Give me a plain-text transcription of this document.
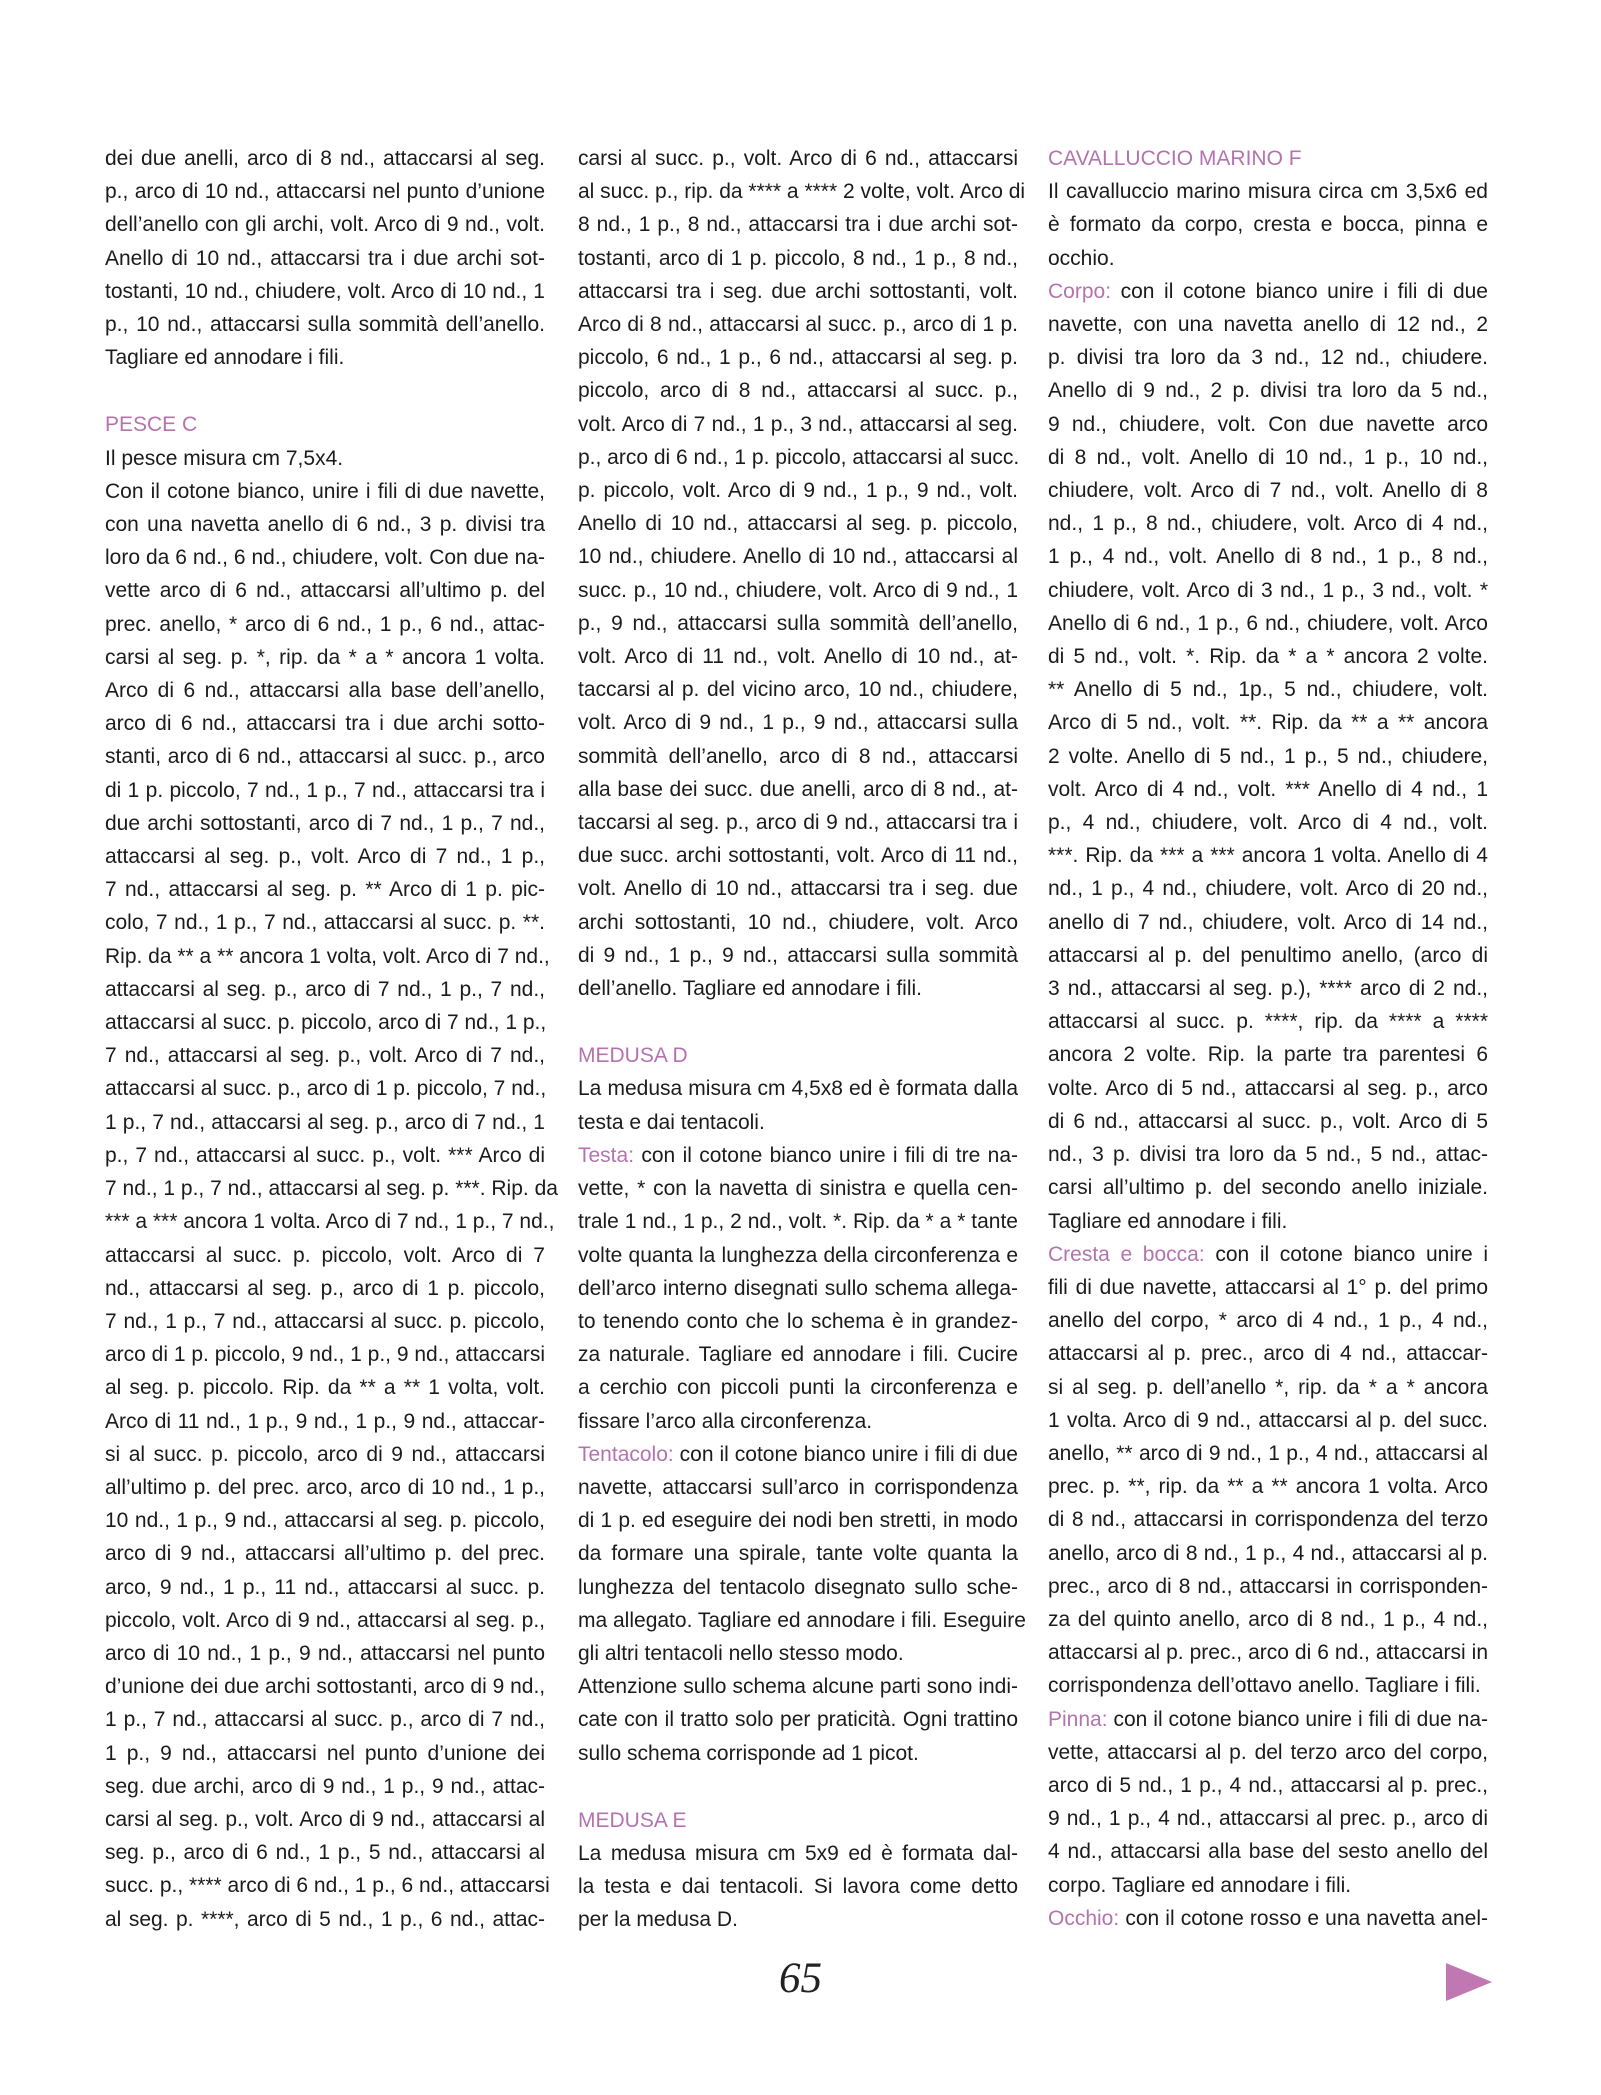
dei due anelli, arco di 8 nd., attaccarsi al seg.
p., arco di 10 nd., attaccarsi nel punto d’unione
dell’anello con gli archi, volt. Arco di 9 nd., volt.
Anello di 10 nd., attaccarsi tra i due archi sot-
tostanti, 10 nd., chiudere, volt. Arco di 10 nd., 1
p., 10 nd., attaccarsi sulla sommità dell’anello.
Tagliare ed annodare i fili.
PESCE C
Il pesce misura cm 7,5x4.
Con il cotone bianco, unire i fili di due navette,
con una navetta anello di 6 nd., 3 p. divisi tra
loro da 6 nd., 6 nd., chiudere, volt. Con due na-
vette arco di 6 nd., attaccarsi all’ultimo p. del
prec. anello, * arco di 6 nd., 1 p., 6 nd., attac-
carsi al seg. p. *, rip. da * a * ancora 1 volta.
Arco di 6 nd., attaccarsi alla base dell’anello,
arco di 6 nd., attaccarsi tra i due archi sotto-
stanti, arco di 6 nd., attaccarsi al succ. p., arco
di 1 p. piccolo, 7 nd., 1 p., 7 nd., attaccarsi tra i
due archi sottostanti, arco di 7 nd., 1 p., 7 nd.,
attaccarsi al seg. p., volt. Arco di 7 nd., 1 p.,
7 nd., attaccarsi al seg. p. ** Arco di 1 p. pic-
colo, 7 nd., 1 p., 7 nd., attaccarsi al succ. p. **.
Rip. da ** a ** ancora 1 volta, volt. Arco di 7 nd.,
attaccarsi al seg. p., arco di 7 nd., 1 p., 7 nd.,
attaccarsi al succ. p. piccolo, arco di 7 nd., 1 p.,
7 nd., attaccarsi al seg. p., volt. Arco di 7 nd.,
attaccarsi al succ. p., arco di 1 p. piccolo, 7 nd.,
1 p., 7 nd., attaccarsi al seg. p., arco di 7 nd., 1
p., 7 nd., attaccarsi al succ. p., volt. *** Arco di
7 nd., 1 p., 7 nd., attaccarsi al seg. p. ***. Rip. da
*** a *** ancora 1 volta. Arco di 7 nd., 1 p., 7 nd.,
attaccarsi al succ. p. piccolo, volt. Arco di 7
nd., attaccarsi al seg. p., arco di 1 p. piccolo,
7 nd., 1 p., 7 nd., attaccarsi al succ. p. piccolo,
arco di 1 p. piccolo, 9 nd., 1 p., 9 nd., attaccarsi
al seg. p. piccolo. Rip. da ** a ** 1 volta, volt.
Arco di 11 nd., 1 p., 9 nd., 1 p., 9 nd., attaccar-
si al succ. p. piccolo, arco di 9 nd., attaccarsi
all’ultimo p. del prec. arco, arco di 10 nd., 1 p.,
10 nd., 1 p., 9 nd., attaccarsi al seg. p. piccolo,
arco di 9 nd., attaccarsi all’ultimo p. del prec.
arco, 9 nd., 1 p., 11 nd., attaccarsi al succ. p.
piccolo, volt. Arco di 9 nd., attaccarsi al seg. p.,
arco di 10 nd., 1 p., 9 nd., attaccarsi nel punto
d’unione dei due archi sottostanti, arco di 9 nd.,
1 p., 7 nd., attaccarsi al succ. p., arco di 7 nd.,
1 p., 9 nd., attaccarsi nel punto d’unione dei
seg. due archi, arco di 9 nd., 1 p., 9 nd., attac-
carsi al seg. p., volt. Arco di 9 nd., attaccarsi al
seg. p., arco di 6 nd., 1 p., 5 nd., attaccarsi al
succ. p., **** arco di 6 nd., 1 p., 6 nd., attaccarsi
al seg. p. ****, arco di 5 nd., 1 p., 6 nd., attac-
carsi al succ. p., volt. Arco di 6 nd., attaccarsi
al succ. p., rip. da **** a **** 2 volte, volt. Arco di
8 nd., 1 p., 8 nd., attaccarsi tra i due archi sot-
tostanti, arco di 1 p. piccolo, 8 nd., 1 p., 8 nd.,
attaccarsi tra i seg. due archi sottostanti, volt.
Arco di 8 nd., attaccarsi al succ. p., arco di 1 p.
piccolo, 6 nd., 1 p., 6 nd., attaccarsi al seg. p.
piccolo, arco di 8 nd., attaccarsi al succ. p.,
volt. Arco di 7 nd., 1 p., 3 nd., attaccarsi al seg.
p., arco di 6 nd., 1 p. piccolo, attaccarsi al succ.
p. piccolo, volt. Arco di 9 nd., 1 p., 9 nd., volt.
Anello di 10 nd., attaccarsi al seg. p. piccolo,
10 nd., chiudere. Anello di 10 nd., attaccarsi al
succ. p., 10 nd., chiudere, volt. Arco di 9 nd., 1
p., 9 nd., attaccarsi sulla sommità dell’anello,
volt. Arco di 11 nd., volt. Anello di 10 nd., at-
taccarsi al p. del vicino arco, 10 nd., chiudere,
volt. Arco di 9 nd., 1 p., 9 nd., attaccarsi sulla
sommità dell’anello, arco di 8 nd., attaccarsi
alla base dei succ. due anelli, arco di 8 nd., at-
taccarsi al seg. p., arco di 9 nd., attaccarsi tra i
due succ. archi sottostanti, volt. Arco di 11 nd.,
volt. Anello di 10 nd., attaccarsi tra i seg. due
archi sottostanti, 10 nd., chiudere, volt. Arco
di 9 nd., 1 p., 9 nd., attaccarsi sulla sommità
dell’anello. Tagliare ed annodare i fili.
MEDUSA D
La medusa misura cm 4,5x8 ed è formata dalla
testa e dai tentacoli.
Testa: con il cotone bianco unire i fili di tre na-
vette, * con la navetta di sinistra e quella cen-
trale 1 nd., 1 p., 2 nd., volt. *. Rip. da * a * tante
volte quanta la lunghezza della circonferenza e
dell’arco interno disegnati sullo schema allega-
to tenendo conto che lo schema è in grandez-
za naturale. Tagliare ed annodare i fili. Cucire
a cerchio con piccoli punti la circonferenza e
fissare l’arco alla circonferenza.
Tentacolo: con il cotone bianco unire i fili di due
navette, attaccarsi sull’arco in corrispondenza
di 1 p. ed eseguire dei nodi ben stretti, in modo
da formare una spirale, tante volte quanta la
lunghezza del tentacolo disegnato sullo sche-
ma allegato. Tagliare ed annodare i fili. Eseguire
gli altri tentacoli nello stesso modo.
Attenzione sullo schema alcune parti sono indi-
cate con il tratto solo per praticità. Ogni trattino
sullo schema corrisponde ad 1 picot.
MEDUSA E
La medusa misura cm 5x9 ed è formata dal-
la testa e dai tentacoli. Si lavora come detto
per la medusa D.
CAVALLUCCIO MARINO F
Il cavalluccio marino misura circa cm 3,5x6 ed
è formato da corpo, cresta e bocca, pinna e
occhio.
Corpo: con il cotone bianco unire i fili di due
navette, con una navetta anello di 12 nd., 2
p. divisi tra loro da 3 nd., 12 nd., chiudere.
Anello di 9 nd., 2 p. divisi tra loro da 5 nd.,
9 nd., chiudere, volt. Con due navette arco
di 8 nd., volt. Anello di 10 nd., 1 p., 10 nd.,
chiudere, volt. Arco di 7 nd., volt. Anello di 8
nd., 1 p., 8 nd., chiudere, volt. Arco di 4 nd.,
1 p., 4 nd., volt. Anello di 8 nd., 1 p., 8 nd.,
chiudere, volt. Arco di 3 nd., 1 p., 3 nd., volt. *
Anello di 6 nd., 1 p., 6 nd., chiudere, volt. Arco
di 5 nd., volt. *. Rip. da * a * ancora 2 volte.
** Anello di 5 nd., 1p., 5 nd., chiudere, volt.
Arco di 5 nd., volt. **. Rip. da ** a ** ancora
2 volte. Anello di 5 nd., 1 p., 5 nd., chiudere,
volt. Arco di 4 nd., volt. *** Anello di 4 nd., 1
p., 4 nd., chiudere, volt. Arco di 4 nd., volt.
***. Rip. da *** a *** ancora 1 volta. Anello di 4
nd., 1 p., 4 nd., chiudere, volt. Arco di 20 nd.,
anello di 7 nd., chiudere, volt. Arco di 14 nd.,
attaccarsi al p. del penultimo anello, (arco di
3 nd., attaccarsi al seg. p.), **** arco di 2 nd.,
attaccarsi al succ. p. ****, rip. da **** a ****
ancora 2 volte. Rip. la parte tra parentesi 6
volte. Arco di 5 nd., attaccarsi al seg. p., arco
di 6 nd., attaccarsi al succ. p., volt. Arco di 5
nd., 3 p. divisi tra loro da 5 nd., 5 nd., attac-
carsi all’ultimo p. del secondo anello iniziale.
Tagliare ed annodare i fili.
Cresta e bocca: con il cotone bianco unire i
fili di due navette, attaccarsi al 1° p. del primo
anello del corpo, * arco di 4 nd., 1 p., 4 nd.,
attaccarsi al p. prec., arco di 4 nd., attaccar-
si al seg. p. dell’anello *, rip. da * a * ancora
1 volta. Arco di 9 nd., attaccarsi al p. del succ.
anello, ** arco di 9 nd., 1 p., 4 nd., attaccarsi al
prec. p. **, rip. da ** a ** ancora 1 volta. Arco
di 8 nd., attaccarsi in corrispondenza del terzo
anello, arco di 8 nd., 1 p., 4 nd., attaccarsi al p.
prec., arco di 8 nd., attaccarsi in corrisponden-
za del quinto anello, arco di 8 nd., 1 p., 4 nd.,
attaccarsi al p. prec., arco di 6 nd., attaccarsi in
corrispondenza dell’ottavo anello. Tagliare i fili.
Pinna: con il cotone bianco unire i fili di due na-
vette, attaccarsi al p. del terzo arco del corpo,
arco di 5 nd., 1 p., 4 nd., attaccarsi al p. prec.,
9 nd., 1 p., 4 nd., attaccarsi al prec. p., arco di
4 nd., attaccarsi alla base del sesto anello del
corpo. Tagliare ed annodare i fili.
Occhio: con il cotone rosso e una navetta anel-
65
